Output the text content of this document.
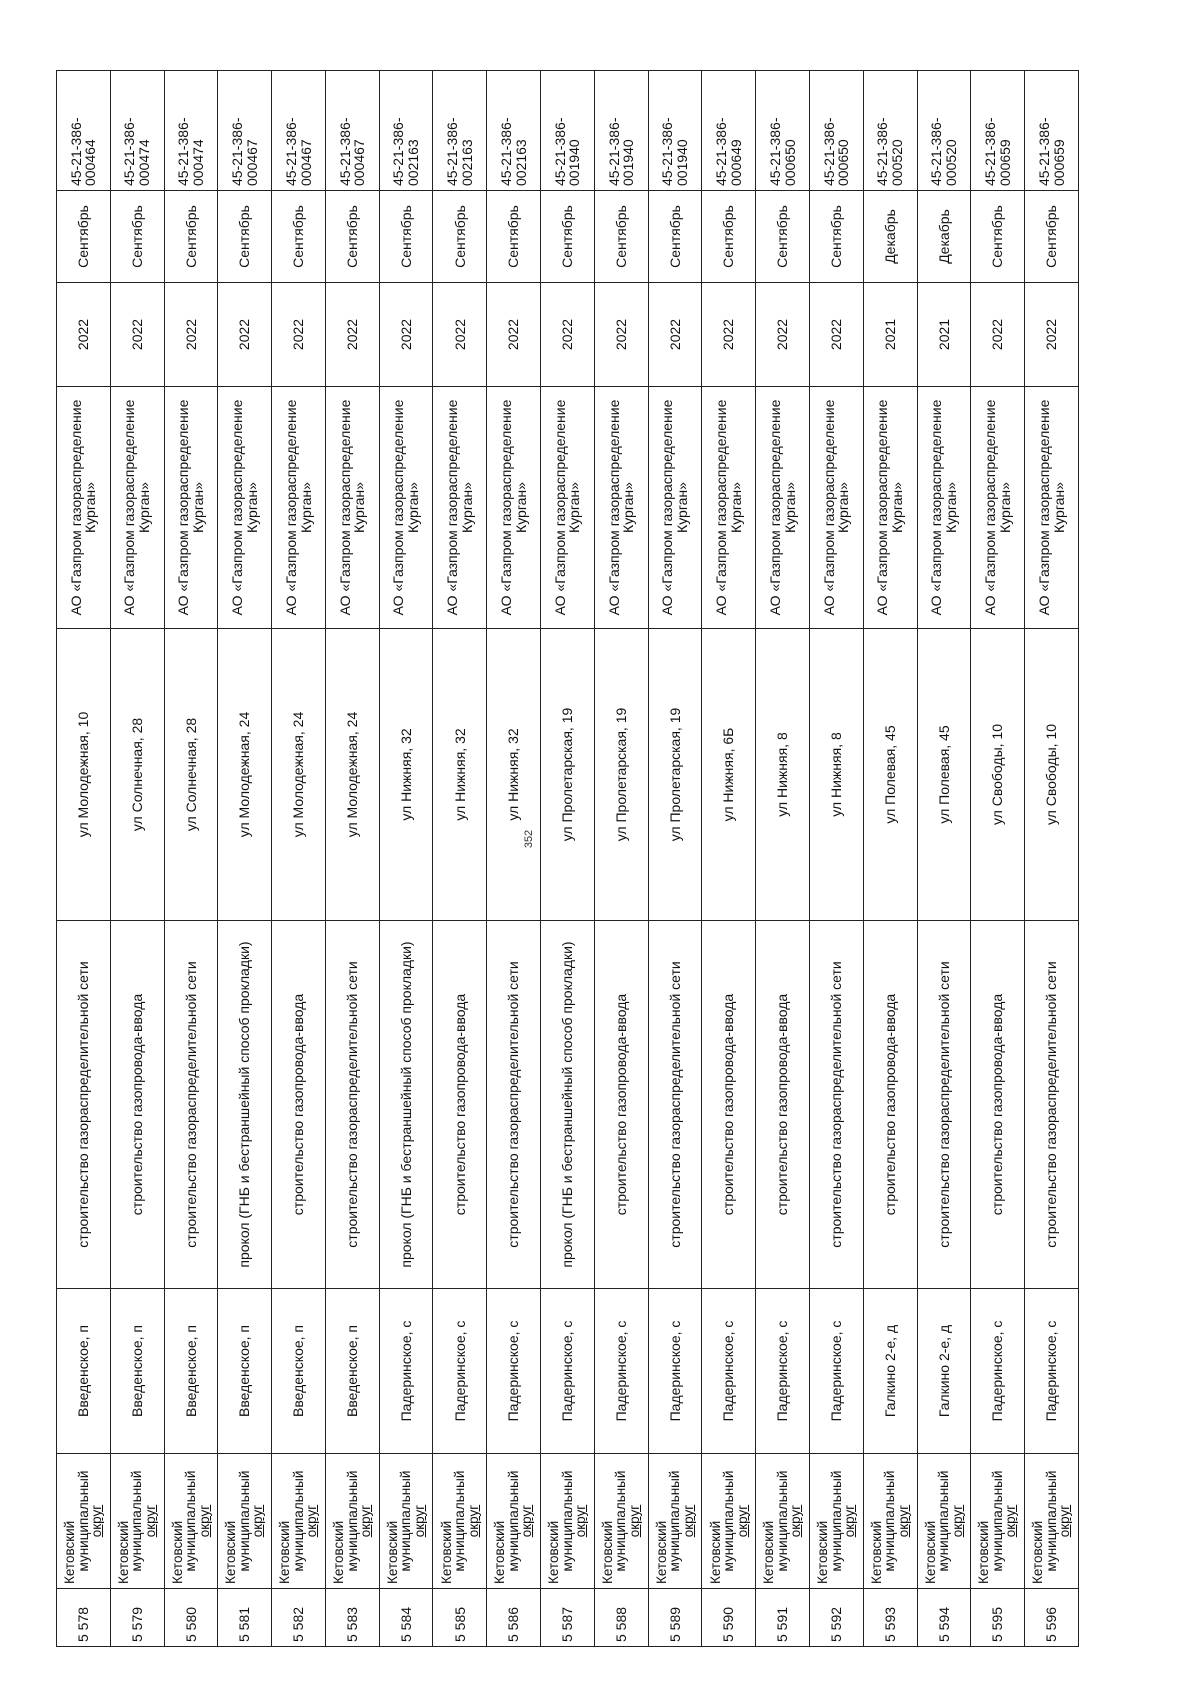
352
5 578	Кетовский
муниципальный
округ	Введенское, п	строительство газораспределительной сети	ул Молодежная, 10	АО «Газпром газораспределение Курган»	2022	Сентябрь	45-21-386-000464
5 579	Кетовский
муниципальный
округ	Введенское, п	строительство газопровода-ввода	ул Солнечная, 28	АО «Газпром газораспределение Курган»	2022	Сентябрь	45-21-386-000474
5 580	Кетовский
муниципальный
округ	Введенское, п	строительство газораспределительной сети	ул Солнечная, 28	АО «Газпром газораспределение Курган»	2022	Сентябрь	45-21-386-000474
5 581	Кетовский
муниципальный
округ	Введенское, п	прокол (ГНБ и бестраншейный способ прокладки)	ул Молодежная, 24	АО «Газпром газораспределение Курган»	2022	Сентябрь	45-21-386-000467
5 582	Кетовский
муниципальный
округ	Введенское, п	строительство газопровода-ввода	ул Молодежная, 24	АО «Газпром газораспределение Курган»	2022	Сентябрь	45-21-386-000467
5 583	Кетовский
муниципальный
округ	Введенское, п	строительство газораспределительной сети	ул Молодежная, 24	АО «Газпром газораспределение Курган»	2022	Сентябрь	45-21-386-000467
5 584	Кетовский
муниципальный
округ	Падеринское, с	прокол (ГНБ и бестраншейный способ прокладки)	ул Нижняя, 32	АО «Газпром газораспределение Курган»	2022	Сентябрь	45-21-386-002163
5 585	Кетовский
муниципальный
округ	Падеринское, с	строительство газопровода-ввода	ул Нижняя, 32	АО «Газпром газораспределение Курган»	2022	Сентябрь	45-21-386-002163
5 586	Кетовский
муниципальный
округ	Падеринское, с	строительство газораспределительной сети	ул Нижняя, 32	АО «Газпром газораспределение Курган»	2022	Сентябрь	45-21-386-002163
5 587	Кетовский
муниципальный
округ	Падеринское, с	прокол (ГНБ и бестраншейный способ прокладки)	ул Пролетарская, 19	АО «Газпром газораспределение Курган»	2022	Сентябрь	45-21-386-001940
5 588	Кетовский
муниципальный
округ	Падеринское, с	строительство газопровода-ввода	ул Пролетарская, 19	АО «Газпром газораспределение Курган»	2022	Сентябрь	45-21-386-001940
5 589	Кетовский
муниципальный
округ	Падеринское, с	строительство газораспределительной сети	ул Пролетарская, 19	АО «Газпром газораспределение Курган»	2022	Сентябрь	45-21-386-001940
5 590	Кетовский
муниципальный
округ	Падеринское, с	строительство газопровода-ввода	ул Нижняя, 6Б	АО «Газпром газораспределение Курган»	2022	Сентябрь	45-21-386-000649
5 591	Кетовский
муниципальный
округ	Падеринское, с	строительство газопровода-ввода	ул Нижняя, 8	АО «Газпром газораспределение Курган»	2022	Сентябрь	45-21-386-000650
5 592	Кетовский
муниципальный
округ	Падеринское, с	строительство газораспределительной сети	ул Нижняя, 8	АО «Газпром газораспределение Курган»	2022	Сентябрь	45-21-386-000650
5 593	Кетовский
муниципальный
округ	Галкино 2-е, д	строительство газопровода-ввода	ул Полевая, 45	АО «Газпром газораспределение Курган»	2021	Декабрь	45-21-386-000520
5 594	Кетовский
муниципальный
округ	Галкино 2-е, д	строительство газораспределительной сети	ул Полевая, 45	АО «Газпром газораспределение Курган»	2021	Декабрь	45-21-386-000520
5 595	Кетовский
муниципальный
округ	Падеринское, с	строительство газопровода-ввода	ул Свободы, 10	АО «Газпром газораспределение Курган»	2022	Сентябрь	45-21-386-000659
5 596	Кетовский
муниципальный
округ	Падеринское, с	строительство газораспределительной сети	ул Свободы, 10	АО «Газпром газораспределение Курган»	2022	Сентябрь	45-21-386-000659
